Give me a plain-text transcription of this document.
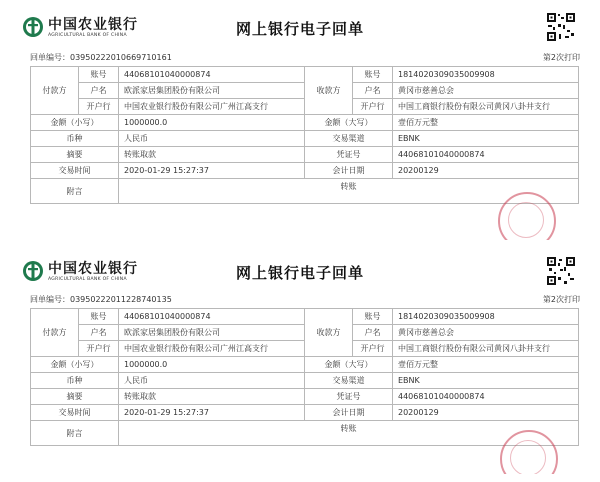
中国农业银行
AGRICULTURAL BANK OF CHINA	网上银行电子回单
回单编号：0395022201066971016​1	第2次打印
付款方	账号	44068101040000874	收款方	账号	1814020309035009908
	户名	欧派家居集团股份有限公司		户名	黄冈市慈善总会
	开户行	中国农业银行股份有限公司广州江高支行		开户行	中国工商银行股份有限公司黄冈八卦井支行
金额（小写）		1000000.0	金额（大写）		壹佰万元整
币种		人民币	交易渠道		EBNK
摘要		转账取款	凭证号		44068101040000874
交易时间		2020-01-29 15:27:37	会计日期		20200129
附言		转账			
中国农业银行
AGRICULTURAL BANK OF CHINA	网上银行电子回单
回单编号：0395022201122874013​5	第2次打印
付款方	账号	44068101040000874	收款方	账号	1814020309035009908
	户名	欧派家居集团股份有限公司		户名	黄冈市慈善总会
	开户行	中国农业银行股份有限公司广州江高支行		开户行	中国工商银行股份有限公司黄冈八卦井支行
金额（小写）		1000000.0	金额（大写）		壹佰万元整
币种		人民币	交易渠道		EBNK
摘要		转账取款	凭证号		44068101040000874
交易时间		2020-01-29 15:27:37	会计日期		20200129
附言		转账			
